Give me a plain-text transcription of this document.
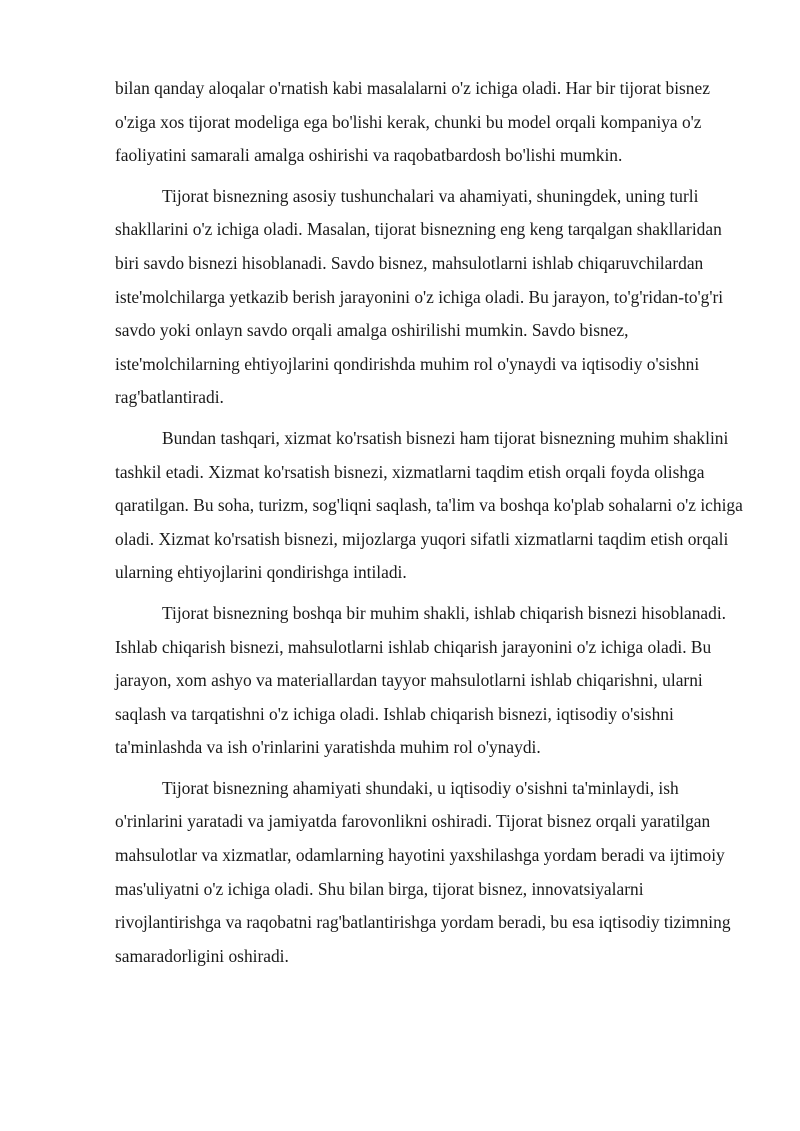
bilan qanday aloqalar o'rnatish kabi masalalarni o'z ichiga oladi. Har bir tijorat bisnez o'ziga xos tijorat modeliga ega bo'lishi kerak, chunki bu model orqali kompaniya o'z faoliyatini samarali amalga oshirishi va raqobatbardosh bo'lishi mumkin.

Tijorat bisnezning asosiy tushunchalari va ahamiyati, shuningdek, uning turli shakllarini o'z ichiga oladi. Masalan, tijorat bisnezning eng keng tarqalgan shakllaridan biri savdo bisnezi hisoblanadi. Savdo bisnez, mahsulotlarni ishlab chiqaruvchilardan iste'molchilarga yetkazib berish jarayonini o'z ichiga oladi. Bu jarayon, to'g'ridan-to'g'ri savdo yoki onlayn savdo orqali amalga oshirilishi mumkin. Savdo bisnez, iste'molchilarning ehtiyojlarini qondirishda muhim rol o'ynaydi va iqtisodiy o'sishni rag'batlantiradi.

Bundan tashqari, xizmat ko'rsatish bisnezi ham tijorat bisnezning muhim shaklini tashkil etadi. Xizmat ko'rsatish bisnezi, xizmatlarni taqdim etish orqali foyda olishga qaratilgan. Bu soha, turizm, sog'liqni saqlash, ta'lim va boshqa ko'plab sohalarni o'z ichiga oladi. Xizmat ko'rsatish bisnezi, mijozlarga yuqori sifatli xizmatlarni taqdim etish orqali ularning ehtiyojlarini qondirishga intiladi.

Tijorat bisnezning boshqa bir muhim shakli, ishlab chiqarish bisnezi hisoblanadi. Ishlab chiqarish bisnezi, mahsulotlarni ishlab chiqarish jarayonini o'z ichiga oladi. Bu jarayon, xom ashyo va materiallardan tayyor mahsulotlarni ishlab chiqarishni, ularni saqlash va tarqatishni o'z ichiga oladi. Ishlab chiqarish bisnezi, iqtisodiy o'sishni ta'minlashda va ish o'rinlarini yaratishda muhim rol o'ynaydi.

Tijorat bisnezning ahamiyati shundaki, u iqtisodiy o'sishni ta'minlaydi, ish o'rinlarini yaratadi va jamiyatda farovonlikni oshiradi. Tijorat bisnez orqali yaratilgan mahsulotlar va xizmatlar, odamlarning hayotini yaxshilashga yordam beradi va ijtimoiy mas'uliyatni o'z ichiga oladi. Shu bilan birga, tijorat bisnez, innovatsiyalarni rivojlantirishga va raqobatni rag'batlantirishga yordam beradi, bu esa iqtisodiy tizimning samaradorligini oshiradi.
